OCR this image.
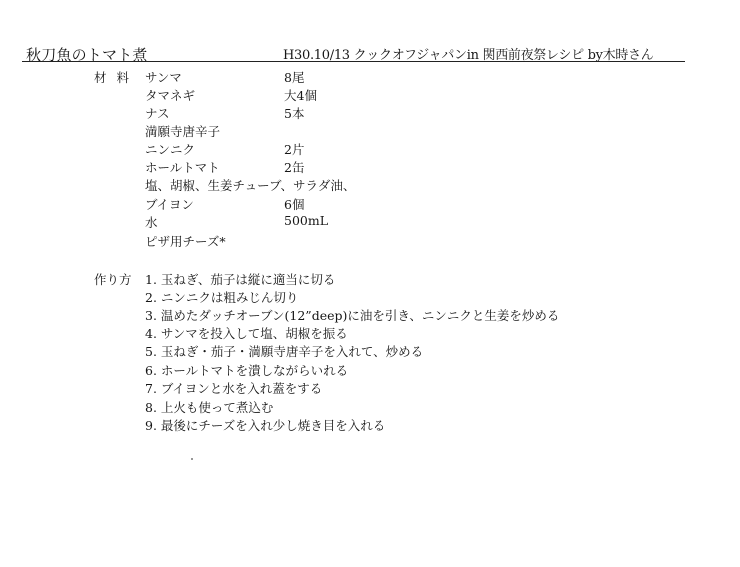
秋刀魚のトマト煮	H30.10/13 クックオフジャパンin 関西前夜祭レシピ by木時さん
材 料 サンマ	8尾
タマネギ	大4個
ナス	5本
満願寺唐辛子
ニンニク	2片
ホールトマト	2缶
塩、胡椒、生姜チューブ、サラダ油、
ブイヨン	6個
水	500mL
ピザ用チーズ*
作り方 1. 玉ねぎ、茄子は縦に適当に切る
2. ニンニクは粗みじん切り
3. 温めたダッチオーブン(12”deep)に油を引き、ニンニクと生姜を炒める
4. サンマを投入して塩、胡椒を振る
5. 玉ねぎ・茄子・満願寺唐辛子を入れて、炒める
6. ホールトマトを潰しながらいれる
7. ブイヨンと水を入れ蓋をする
8. 上火も使って煮込む
9. 最後にチーズを入れ少し焼き目を入れる
